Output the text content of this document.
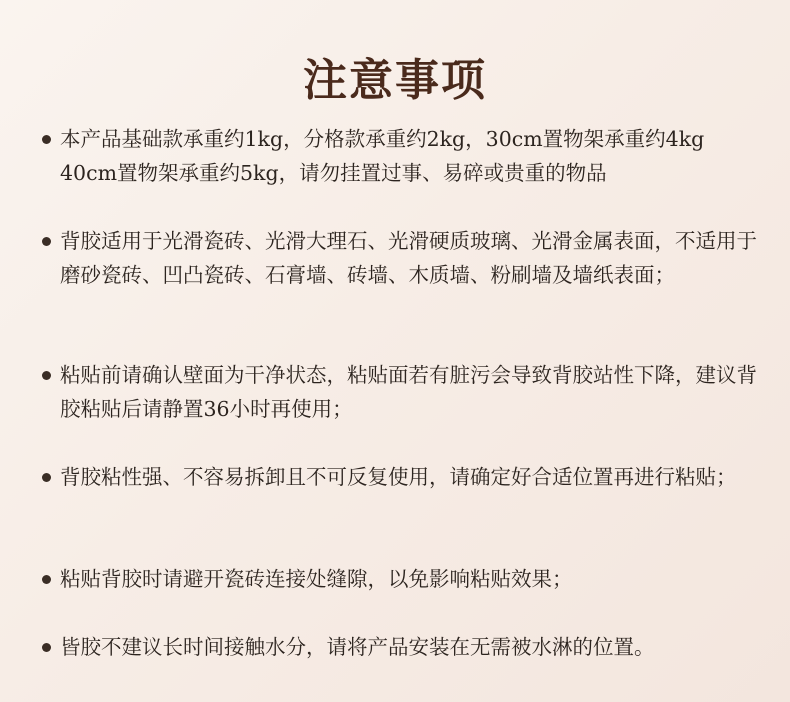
注意事项
本产品基础款承重约1kg，分格款承重约2kg，30cm置物架承重约4kg 40cm置物架承重约5kg，请勿挂置过事、易碎或贵重的物品
背胶适用于光滑瓷砖、光滑大理石、光滑硬质玻璃、光滑金属表面，不适用于磨砂瓷砖、凹凸瓷砖、石膏墙、砖墙、木质墙、粉刷墙及墙纸表面；
粘贴前请确认壁面为干净状态，粘贴面若有脏污会导致背胶站性下降，建议背胶粘贴后请静置36小时再使用；
背胶粘性强、不容易拆卸且不可反复使用，请确定好合适位置再进行粘贴；
粘贴背胶时请避开瓷砖连接处缝隙，以免影响粘贴效果；
皆胶不建议长时间接触水分，请将产品安装在无需被水淋的位置。
